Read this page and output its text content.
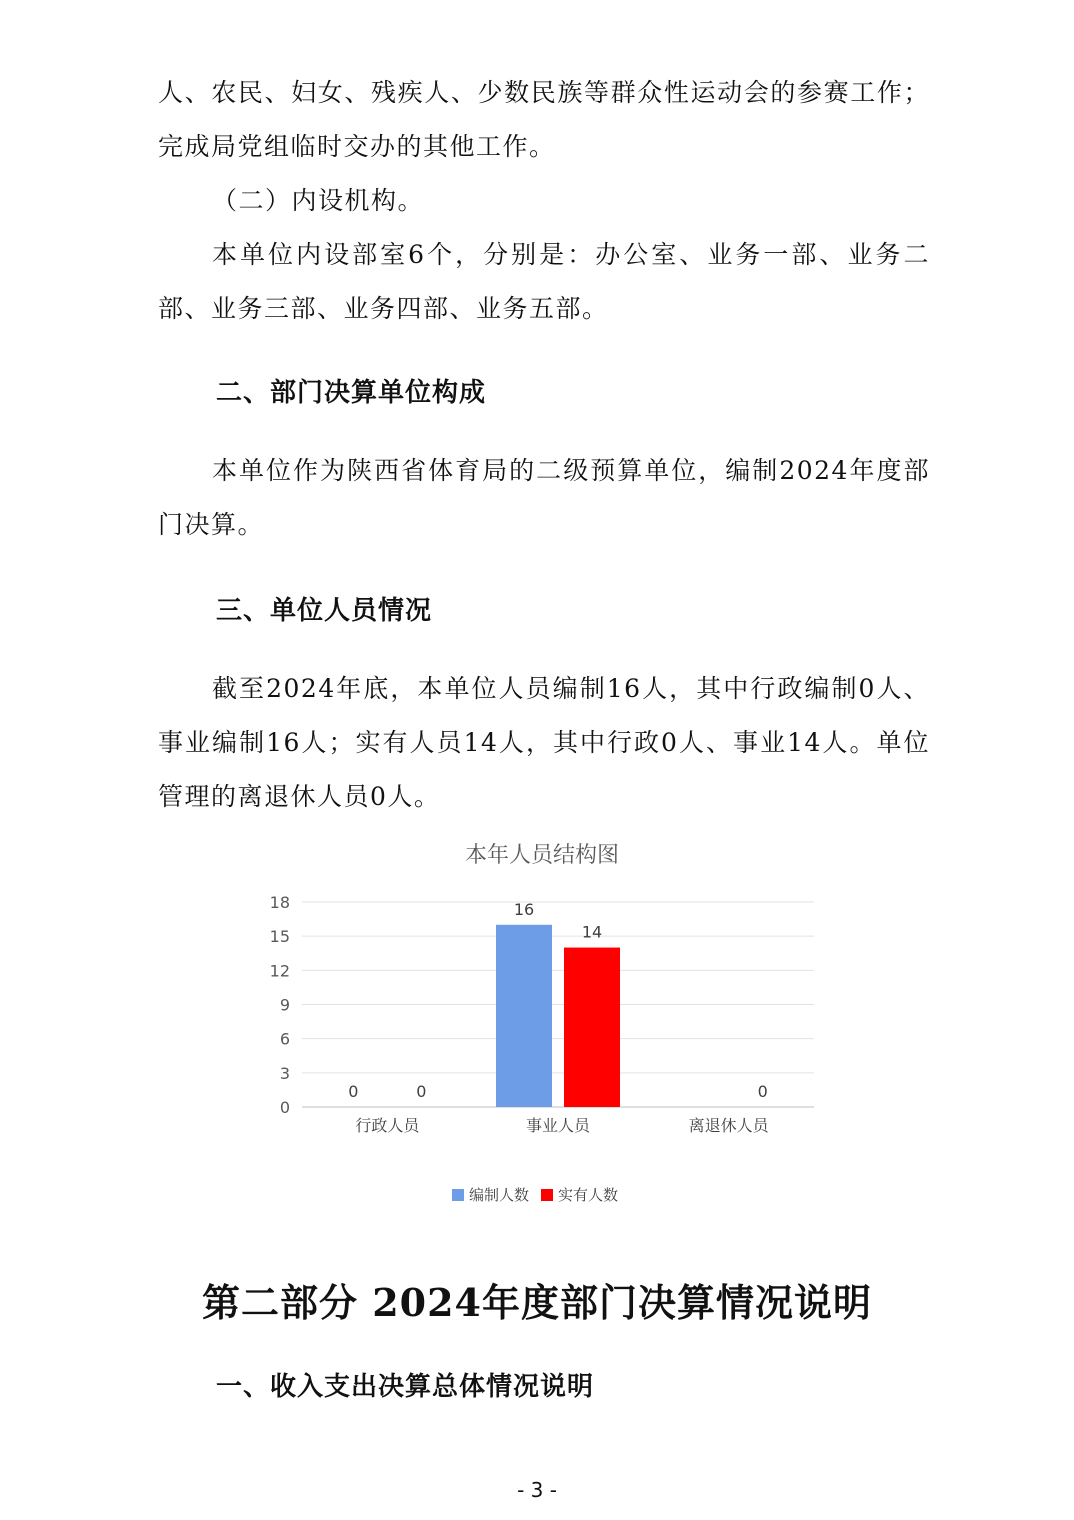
人、农民、妇女、残疾人、少数民族等群众性运动会的参赛工作；完成局党组临时交办的其他工作。

（二）内设机构。

本单位内设部室6个，分别是：办公室、业务一部、业务二部、业务三部、业务四部、业务五部。

二、部门决算单位构成

本单位作为陕西省体育局的二级预算单位，编制2024年度部门决算。

三、单位人员情况

截至2024年底，本单位人员编制16人，其中行政编制0人、事业编制16人；实有人员14人，其中行政0人、事业14人。单位管理的离退休人员0人。

本年人员结构图
0
3
6
9
12
15
18
0	0
行政人员
16
14
事业人员
0
离退休人员
编制人数 实有人数
第二部分 2024年度部门决算情况说明
一、收入支出决算总体情况说明
- 3 -
